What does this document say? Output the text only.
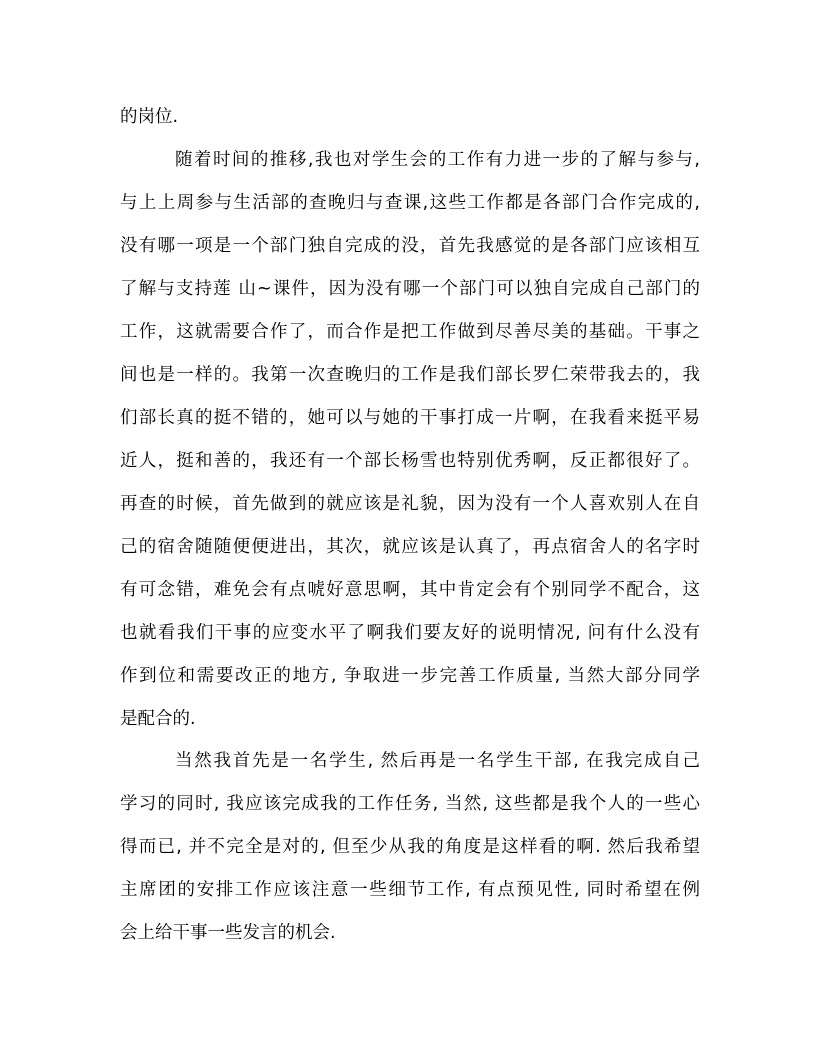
的岗位.
随着时间的推移,我也对学生会的工作有力进一步的了解与参与,
与上上周参与生活部的查晚归与查课,这些工作都是各部门合作完成的,
没有哪一项是一个部门独自完成的没，首先我感觉的是各部门应该相互
了解与支持莲 山~课件，因为没有哪一个部门可以独自完成自己部门的
工作，这就需要合作了，而合作是把工作做到尽善尽美的基础。干事之
间也是一样的。我第一次查晚归的工作是我们部长罗仁荣带我去的，我
们部长真的挺不错的，她可以与她的干事打成一片啊，在我看来挺平易
近人，挺和善的，我还有一个部长杨雪也特别优秀啊，反正都很好了。
再查的时候，首先做到的就应该是礼貌，因为没有一个人喜欢别人在自
己的宿舍随随便便进出，其次，就应该是认真了，再点宿舍人的名字时
有可念错，难免会有点唬好意思啊，其中肯定会有个别同学不配合，这
也就看我们干事的应变水平了啊我们要友好的说明情况, 问有什么没有
作到位和需要改正的地方, 争取进一步完善工作质量, 当然大部分同学
是配合的.
当然我首先是一名学生, 然后再是一名学生干部, 在我完成自己
学习的同时, 我应该完成我的工作任务, 当然, 这些都是我个人的一些心
得而已, 并不完全是对的, 但至少从我的角度是这样看的啊. 然后我希望
主席团的安排工作应该注意一些细节工作, 有点预见性, 同时希望在例
会上给干事一些发言的机会.
